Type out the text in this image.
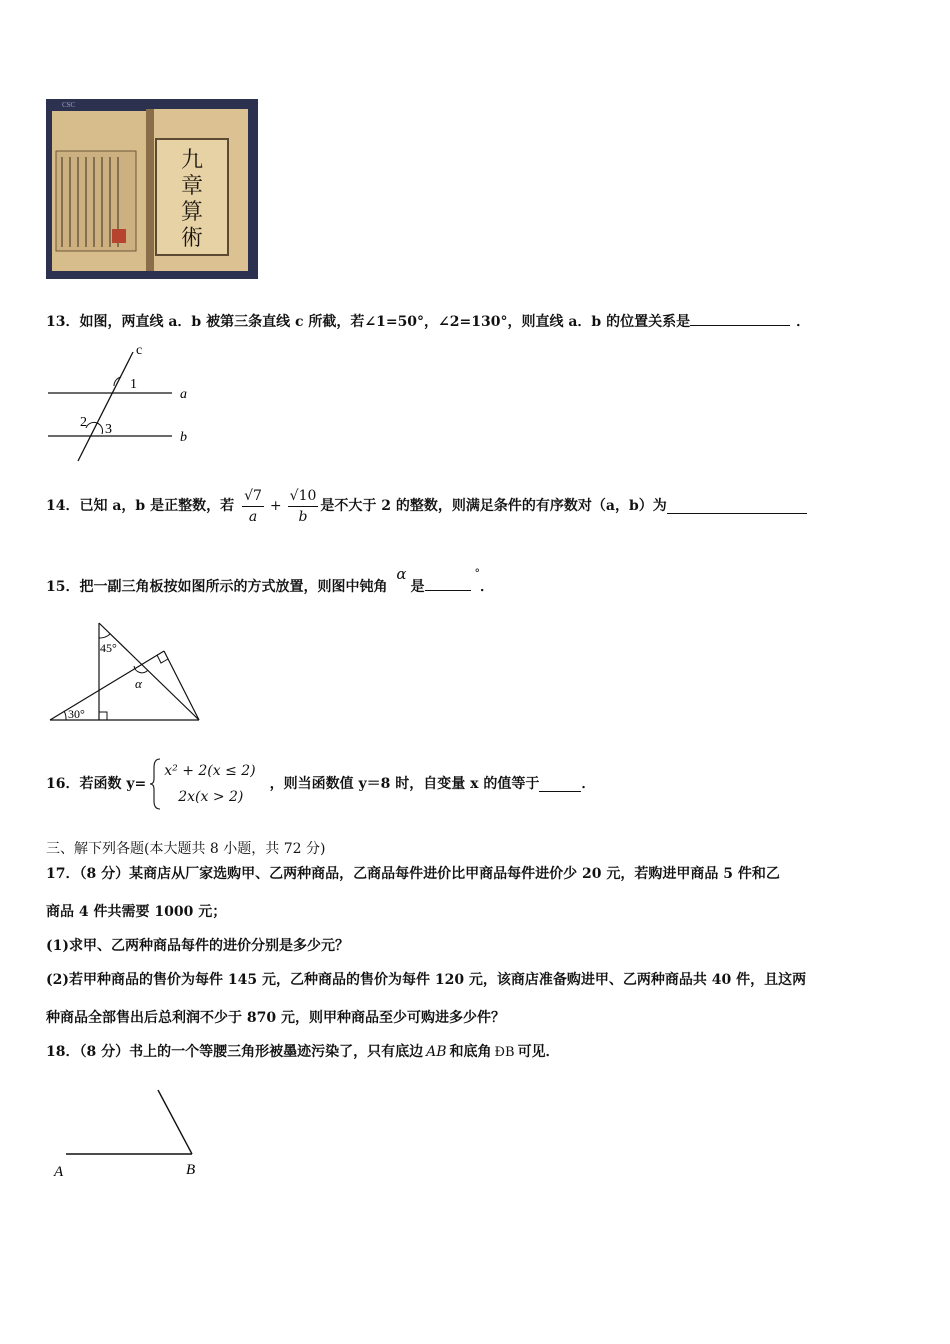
九
章
算
術
CSC
13．如图，两直线 a．b 被第三条直线 c 所截，若∠1=50°，∠2=130°，则直线 a．b 的位置关系是	．
c
1
a
2 3
b
14．已知 a，b 是正整数，若 $\frac{√7}{a} + \frac{√10}{b}$ 是不大于 2 的整数，则满足条件的有序数对（a，b）为
15．把一副三角板按如图所示的方式放置，则图中钝角 α是°．
45°
30°
α
16．若函数 y=
x² + 2(x ≤ 2)
2x(x > 2)
，则当函数值 y＝8 时，自变量 x 的值等于	．
三、解下列各题(本大题共 8 小题，共 72 分)
17．（8 分）某商店从厂家选购甲、乙两种商品，乙商品每件进价比甲商品每件进价少 20 元，若购进甲商品 5 件和乙
商品 4 件共需要 1000 元；
(1)求甲、乙两种商品每件的进价分别是多少元？
(2)若甲种商品的售价为每件 145 元，乙种商品的售价为每件 120 元，该商店准备购进甲、乙两种商品共 40 件，且这两
种商品全部售出后总利润不少于 870 元，则甲种商品至少可购进多少件？
18．（8 分）书上的一个等腰三角形被墨迹污染了，只有底边 AB 和底角 ÐB 可见．
A	B
